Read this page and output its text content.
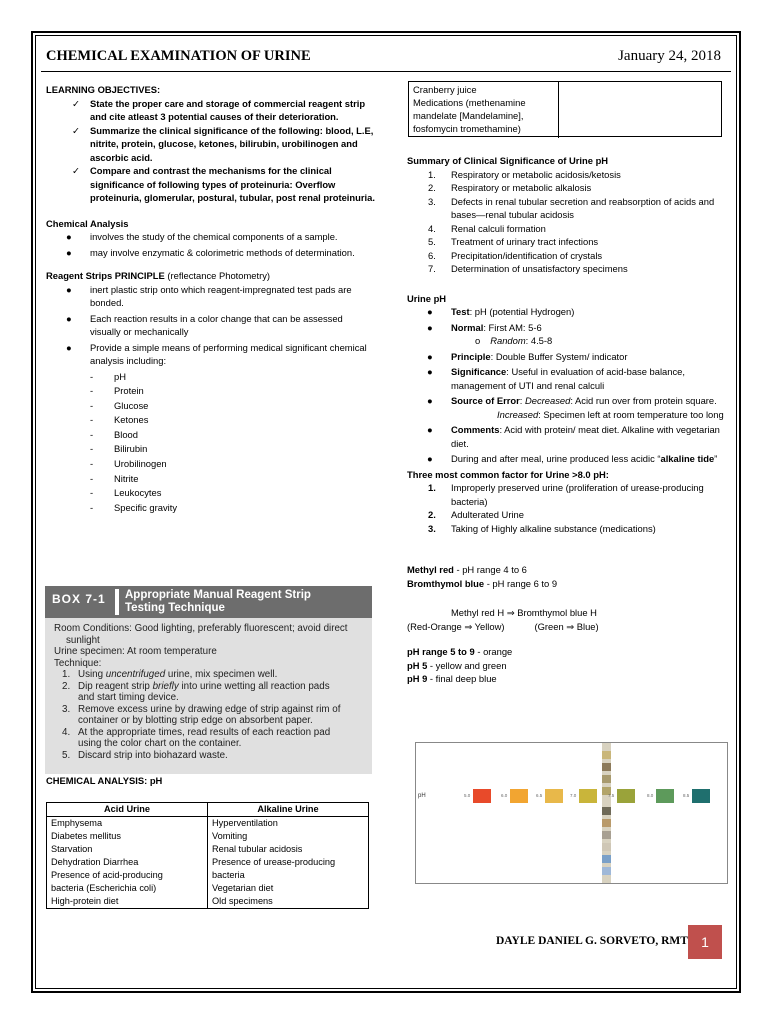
CHEMICAL EXAMINATION OF URINE	January 24, 2018
LEARNING OBJECTIVES:
✓ State the proper care and storage of commercial reagent strip and cite atleast 3 potential causes of their deterioration.
✓ Summarize the clinical significance of the following: blood, L.E, nitrite, protein, glucose, ketones, bilirubin, urobilinogen and ascorbic acid.
✓ Compare and contrast the mechanisms for the clinical significance of following types of proteinuria: Overflow proteinuria, glomerular, postural, tubular, post renal proteinuria.
Chemical Analysis
● involves the study of the chemical components of a sample.
● may involve enzymatic & colorimetric methods of determination.
Reagent Strips PRINCIPLE (reflectance Photometry)
● inert plastic strip onto which reagent-impregnated test pads are bonded.
● Each reaction results in a color change that can be assessed visually or mechanically
● Provide a simple means of performing medical significant chemical analysis including:
- pH
- Protein
- Glucose
- Ketones
- Blood
- Bilirubin
- Urobilinogen
- Nitrite
- Leukocytes
- Specific gravity
BOX 7-1 Appropriate Manual Reagent Strip
Testing Technique
Room Conditions: Good lighting, preferably fluorescent; avoid direct
sunlight
Urine specimen: At room temperature
Technique:
1. Using uncentrifuged urine, mix specimen well.
2. Dip reagent strip briefly into urine wetting all reaction pads
and start timing device.
3. Remove excess urine by drawing edge of strip against rim of
container or by blotting strip edge on absorbent paper.
4. At the appropriate times, read results of each reaction pad
using the color chart on the container.
5. Discard strip into biohazard waste.
CHEMICAL ANALYSIS: pH
Acid Urine	Alkaline Urine
Emphysema	Hyperventilation
Diabetes mellitus	Vomiting
Starvation	Renal tubular acidosis
Dehydration Diarrhea	Presence of urease-producing
Presence of acid-producing	bacteria
bacteria (Escherichia coli)	Vegetarian diet
High-protein diet	Old specimens
Cranberry juice
Medications (methenamine mandelate [Mandelamine], fosfomycin tromethamine)	

Summary of Clinical Significance of Urine pH
1. Respiratory or metabolic acidosis/ketosis
2. Respiratory or metabolic alkalosis
3. Defects in renal tubular secretion and reabsorption of acids and bases—renal tubular acidosis
4. Renal calculi formation
5. Treatment of urinary tract infections
6. Precipitation/identification of crystals
7. Determination of unsatisfactory specimens
Urine pH
● Test: pH (potential Hydrogen)
● Normal: First AM: 5-6
o Random: 4.5-8
● Principle: Double Buffer System/ indicator
● Significance: Useful in evaluation of acid-base balance, management of UTI and renal calculi
● Source of Error: Decreased: Acid run over from protein square.
Increased: Specimen left at room temperature too long
● Comments: Acid with protein/ meat diet. Alkaline with vegetarian diet.
● During and after meal, urine produced less acidic “alkaline tide”
Three most common factor for Urine >8.0 pH:
1. Improperly preserved urine (proliferation of urease-producing bacteria)
2. Adulterated Urine
3. Taking of Highly alkaline substance (medications)
Methyl red - pH range 4 to 6
Bromthymol blue - pH range 6 to 9
Methyl red H ⇒ Bromthymol blue H
(Red-Orange ⇒ Yellow)	(Green ⇒ Blue)
pH range 5 to 9 - orange
pH 5 - yellow and green
pH 9 - final deep blue
pH	5.0	6.0	6.5	7.0	7.5	8.0	8.5
DAYLE DANIEL G. SORVETO, RMT 1
